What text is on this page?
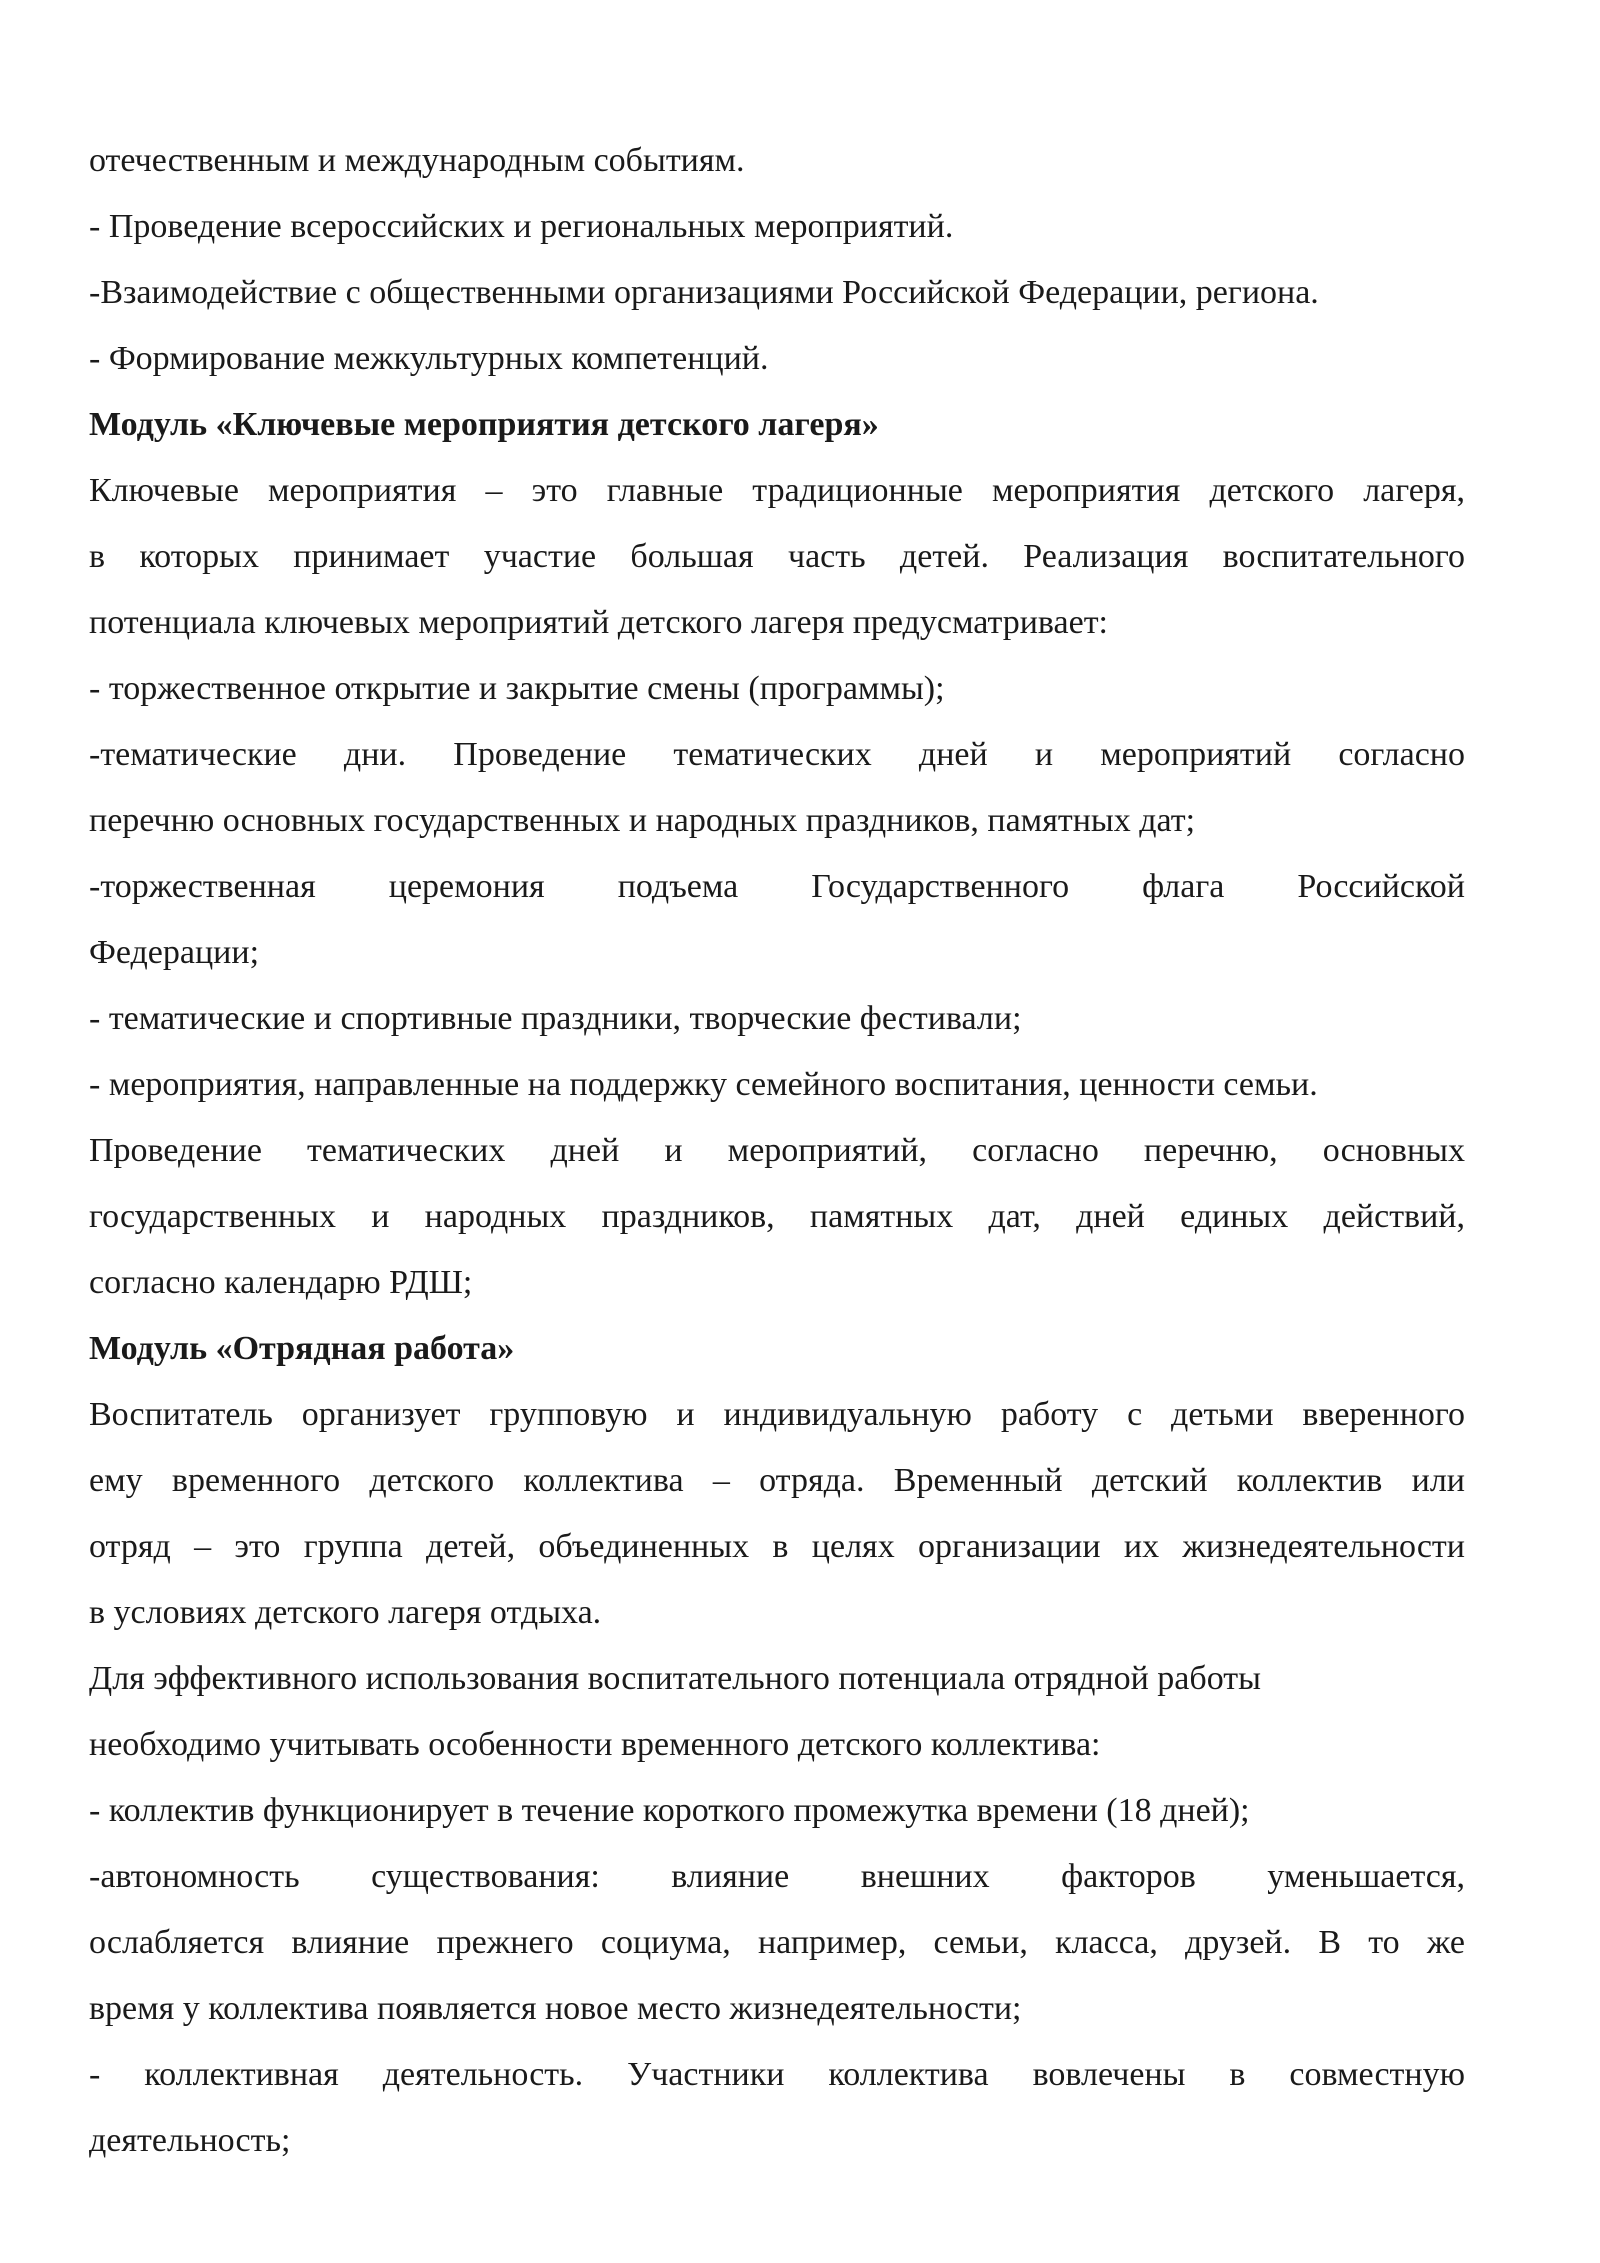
отечественным и международным событиям.
- Проведение всероссийских и региональных мероприятий.
-Взаимодействие с общественными организациями Российской Федерации, региона.
- Формирование межкультурных компетенций.
Модуль «Ключевые мероприятия детского лагеря»
Ключевые мероприятия – это главные традиционные мероприятия детского лагеря,
в которых принимает участие большая часть детей. Реализация воспитательного
потенциала ключевых мероприятий детского лагеря предусматривает:
- торжественное открытие и закрытие смены (программы);
-тематические дни. Проведение тематических дней и мероприятий согласно
перечню основных государственных и народных праздников, памятных дат;
-торжественная церемония подъема Государственного флага Российской
Федерации;
- тематические и спортивные праздники, творческие фестивали;
- мероприятия, направленные на поддержку семейного воспитания, ценности семьи.
Проведение тематических дней и мероприятий, согласно перечню, основных
государственных и народных праздников, памятных дат, дней единых действий,
согласно календарю РДШ;
Модуль «Отрядная работа»
Воспитатель организует групповую и индивидуальную работу с детьми вверенного
ему временного детского коллектива – отряда. Временный детский коллектив или
отряд – это группа детей, объединенных в целях организации их жизнедеятельности
в условиях детского лагеря отдыха.
Для эффективного использования воспитательного потенциала отрядной работы
необходимо учитывать особенности временного детского коллектива:
- коллектив функционирует в течение короткого промежутка времени (18 дней);
-автономность существования: влияние внешних факторов уменьшается,
ослабляется влияние прежнего социума, например, семьи, класса, друзей. В то же
время у коллектива появляется новое место жизнедеятельности;
- коллективная деятельность. Участники коллектива вовлечены в совместную
деятельность;
